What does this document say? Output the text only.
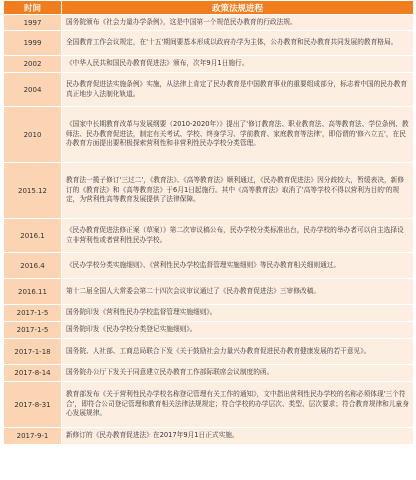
时间	政策法规进程
1997	国务院颁布《社会力量办学条例》，这是中国第一个规范民办教育的行政法规。
1999	全国教育工作会议规定，在'十五'期间要基本形成以政府办学为主体，公办教育和民办教育共同发展的教育格局。
2002	《中华人民共和国民办教育促进法》颁布，次年9月1日施行。
2004	民办教育促进法实施条例》实施，从法律上肯定了民办教育是中国教育事业的重要组成部分，标志着中国的民办教育真正地步入法制化轨道。
2010	《国家中长期教育改革与发展纲要（2010-2020年）》提出了'修订教育法、职业教育法、高等教育法、学位条例、教师法、民办教育促进法，制定有关考试、学校、终身学习、学前教育、家庭教育等法律'，即俗谓的'修六立五'，在民办教育方面提出要积极探索营利性和非营利性民办学校分类管理。
2015.12	教育法一揽子修订'三过二'，《教育法》、《高等教育法》顺利通过，《民办教育促进法》因分歧较大，暂缓表决，新修订的《教育法》和《高等教育法》于6月1日起施行。其中《高等教育法》取消了'高等学校不得以营利为目的'的规定，为营利性高等教育发展提供了法律保障。
2016.1	《民办教育促进法修正案（草案）》第二次审议稿公布，民办学校分类标准出台，民办学校的举办者可以自主选择设立非营利性或者营利性民办学校。
2016.4	《民办学校分类实施细则》、《营利性民办学校监督管理实施细则》等民办教育相关细则通过。
2016.11	第十二届全国人大常委会第二十四次会议审议通过了《民办教育促进法》三审修改稿。
2017-1-5	国务院印发《营利性民办学校监督管理实施细则》。
2017-1-5	国务院印发《民办学校分类登记实施细则》。
2017-1-18	国务院、人社部、工商总局联合下发《关于鼓励社会力量兴办教育促进民办教育健康发展的若干意见》。
2017-8-14	国务院办公厅下发关于同意建立民办教育工作部际联席会议制度的函。
2017-8-31	教育部发布《关于营利性民办学校名称登记管理有关工作的通知》，文中指出营利性民办学校的名称必须体现'三个符合'，即符合公司登记管理和教育相关法律法规规定；符合学校的办学层次、类型、层次要求；符合教育规律和儿童身心发展规律。
2017-9-1	新修订的《民办教育促进法》在2017年9月1日正式实施。
